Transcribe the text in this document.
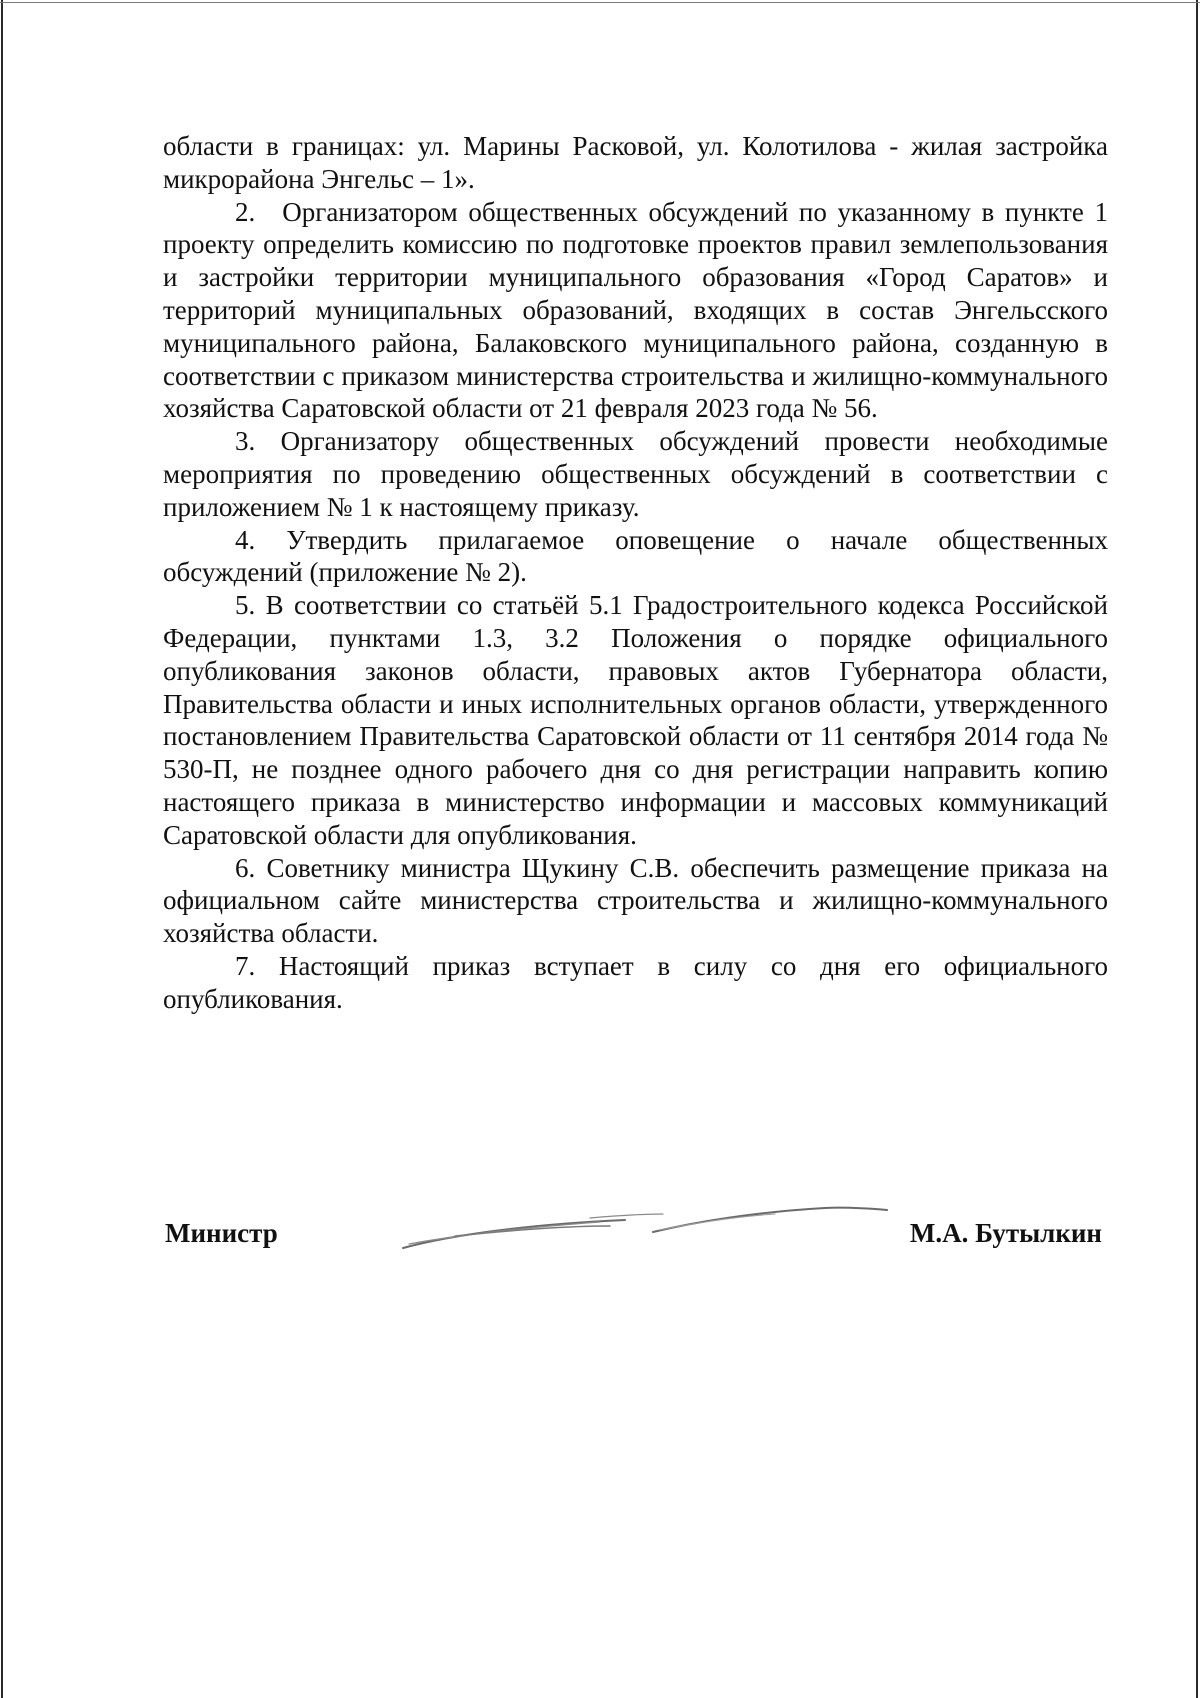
области в границах: ул. Марины Расковой, ул. Колотилова - жилая застройка микрорайона Энгельс – 1».

2. Организатором общественных обсуждений по указанному в пункте 1 проекту определить комиссию по подготовке проектов правил землепользования и застройки территории муниципального образования «Город Саратов» и территорий муниципальных образований, входящих в состав Энгельсского муниципального района, Балаковского муниципального района, созданную в соответствии с приказом министерства строительства и жилищно-коммунального хозяйства Саратовской области от 21 февраля 2023 года № 56.

3. Организатору общественных обсуждений провести необходимые мероприятия по проведению общественных обсуждений в соответствии с приложением № 1 к настоящему приказу.

4. Утвердить прилагаемое оповещение о начале общественных обсуждений (приложение № 2).

5. В соответствии со статьёй 5.1 Градостроительного кодекса Российской Федерации, пунктами 1.3, 3.2 Положения о порядке официального опубликования законов области, правовых актов Губернатора области, Правительства области и иных исполнительных органов области, утвержденного постановлением Правительства Саратовской области от 11 сентября 2014 года № 530-П, не позднее одного рабочего дня со дня регистрации направить копию настоящего приказа в министерство информации и массовых коммуникаций Саратовской области для опубликования.

6. Советнику министра Щукину С.В. обеспечить размещение приказа на официальном сайте министерства строительства и жилищно-коммунального хозяйства области.

7. Настоящий приказ вступает в силу со дня его официального опубликования.

Министр	М.А. Бутылкин
